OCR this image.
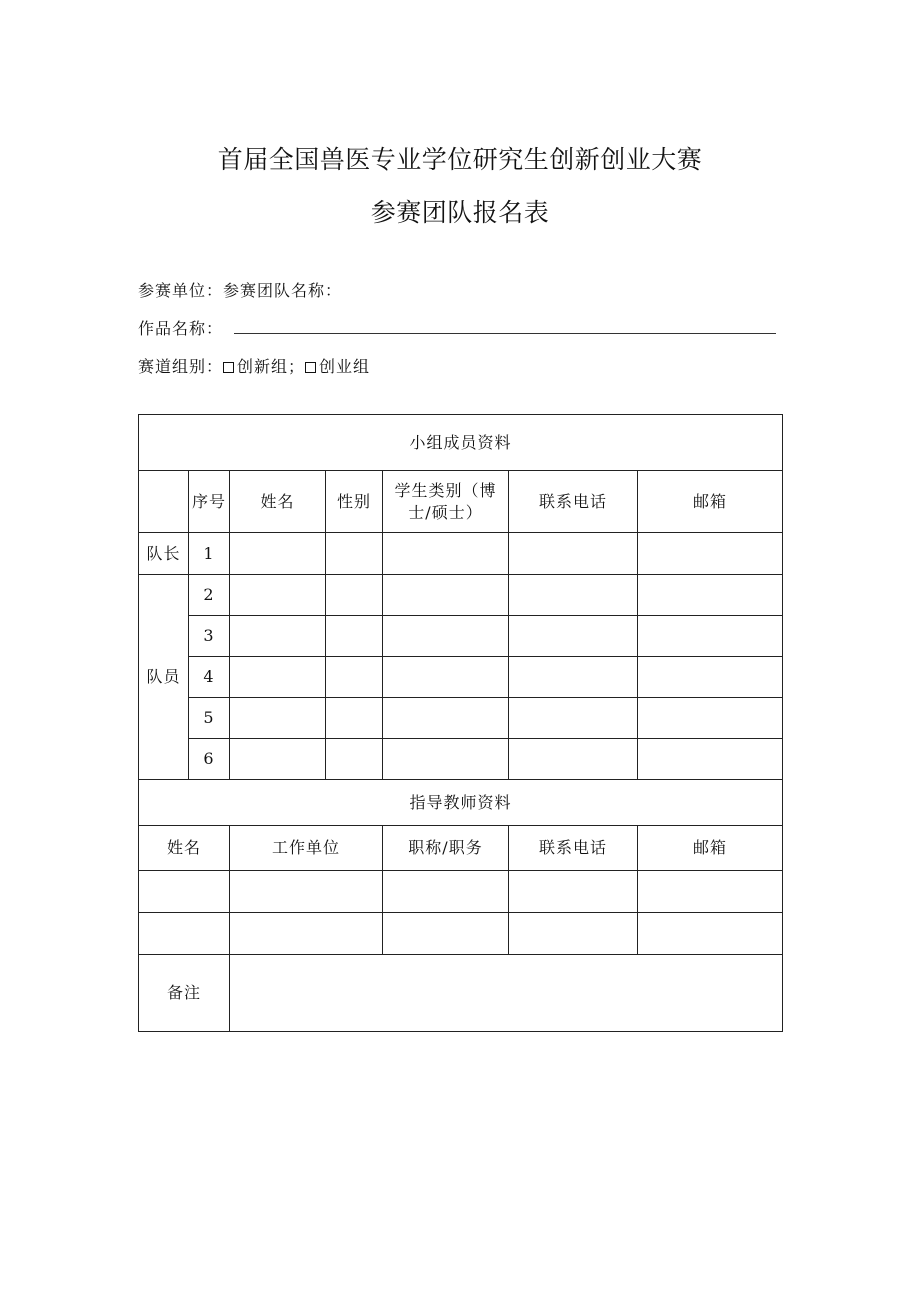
首届全国兽医专业学位研究生创新创业大赛
参赛团队报名表

参赛单位：参赛团队名称：

作品名称：

赛道组别： 创新组； 创业组

小组成员资料						
	序号	姓名	性别	学生类别（博士/硕士）	联系电话	邮箱
队长	1					
队员	2					
	3					
	4					
	5					
	6					
指导教师资料						
姓名		工作单位		职称/职务	联系电话	邮箱

备注						
